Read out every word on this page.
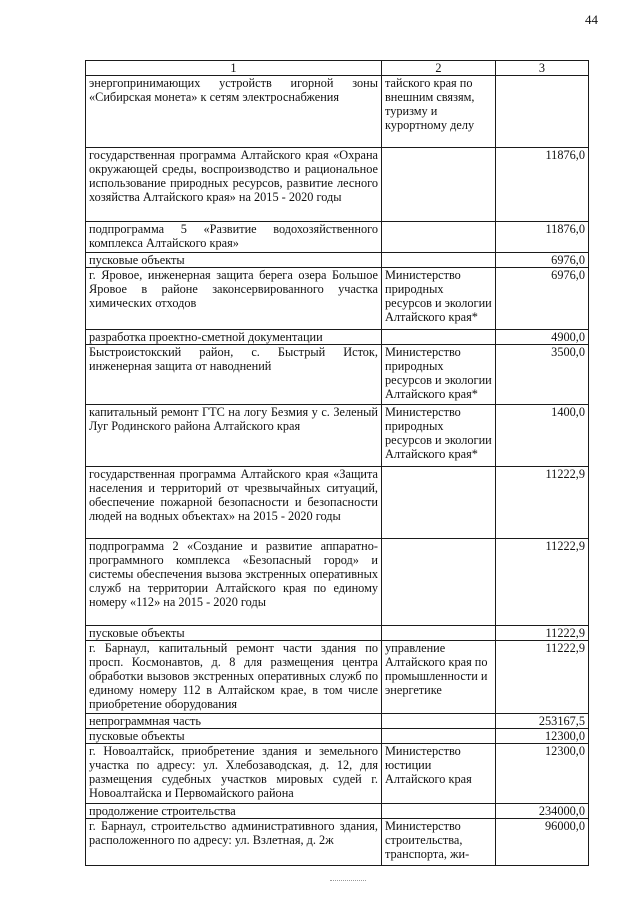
44
1	2	3
энергопринимающих устройств игорной зоны «Сибирская монета» к сетям электроснабжения	тайского края по внешним связям, туризму и курортному делу	
государственная программа Алтайского края «Охрана окружающей среды, воспроизводство и рациональное использование природных ресурсов, развитие лесного хозяйства Алтайского края» на 2015 - 2020 годы		11876,0
подпрограмма 5 «Развитие водохозяйственного комплекса Алтайского края»		11876,0
пусковые объекты		6976,0
г. Яровое, инженерная защита берега озера Большое Яровое в районе законсервированного участка химических отходов	Министерство природных ресурсов и экологии Алтайского края*	6976,0
разработка проектно-сметной документации		4900,0
Быстроистокский район, с. Быстрый Исток, инженерная защита от наводнений	Министерство природных ресурсов и экологии Алтайского края*	3500,0
капитальный ремонт ГТС на логу Безмия у с. Зеленый Луг Родинского района Алтайского края	Министерство природных ресурсов и экологии Алтайского края*	1400,0
государственная программа Алтайского края «Защита населения и территорий от чрезвычайных ситуаций, обеспечение пожарной безопасности и безопасности людей на водных объектах» на 2015 - 2020 годы		11222,9
подпрограмма 2 «Создание и развитие аппаратно-программного комплекса «Безопасный город» и системы обеспечения вызова экстренных оперативных служб на территории Алтайского края по единому номеру «112» на 2015 - 2020 годы		11222,9
пусковые объекты		11222,9
г. Барнаул, капитальный ремонт части здания по просп. Космонавтов, д. 8 для размещения центра обработки вызовов экстренных оперативных служб по единому номеру 112 в Алтайском крае, в том числе приобретение оборудования	управление Алтайского края по промышленности и энергетике	11222,9
непрограммная часть		253167,5
пусковые объекты		12300,0
г. Новоалтайск, приобретение здания и земельного участка по адресу: ул. Хлебозаводская, д. 12, для размещения судебных участков мировых судей г. Новоалтайска и Первомайского района	Министерство юстиции Алтайского края	12300,0
продолжение строительства		234000,0
г. Барнаул, строительство административного здания, расположенного по адресу: ул. Взлетная, д. 2ж	Министерство строительства, транспорта, жи-	96000,0
